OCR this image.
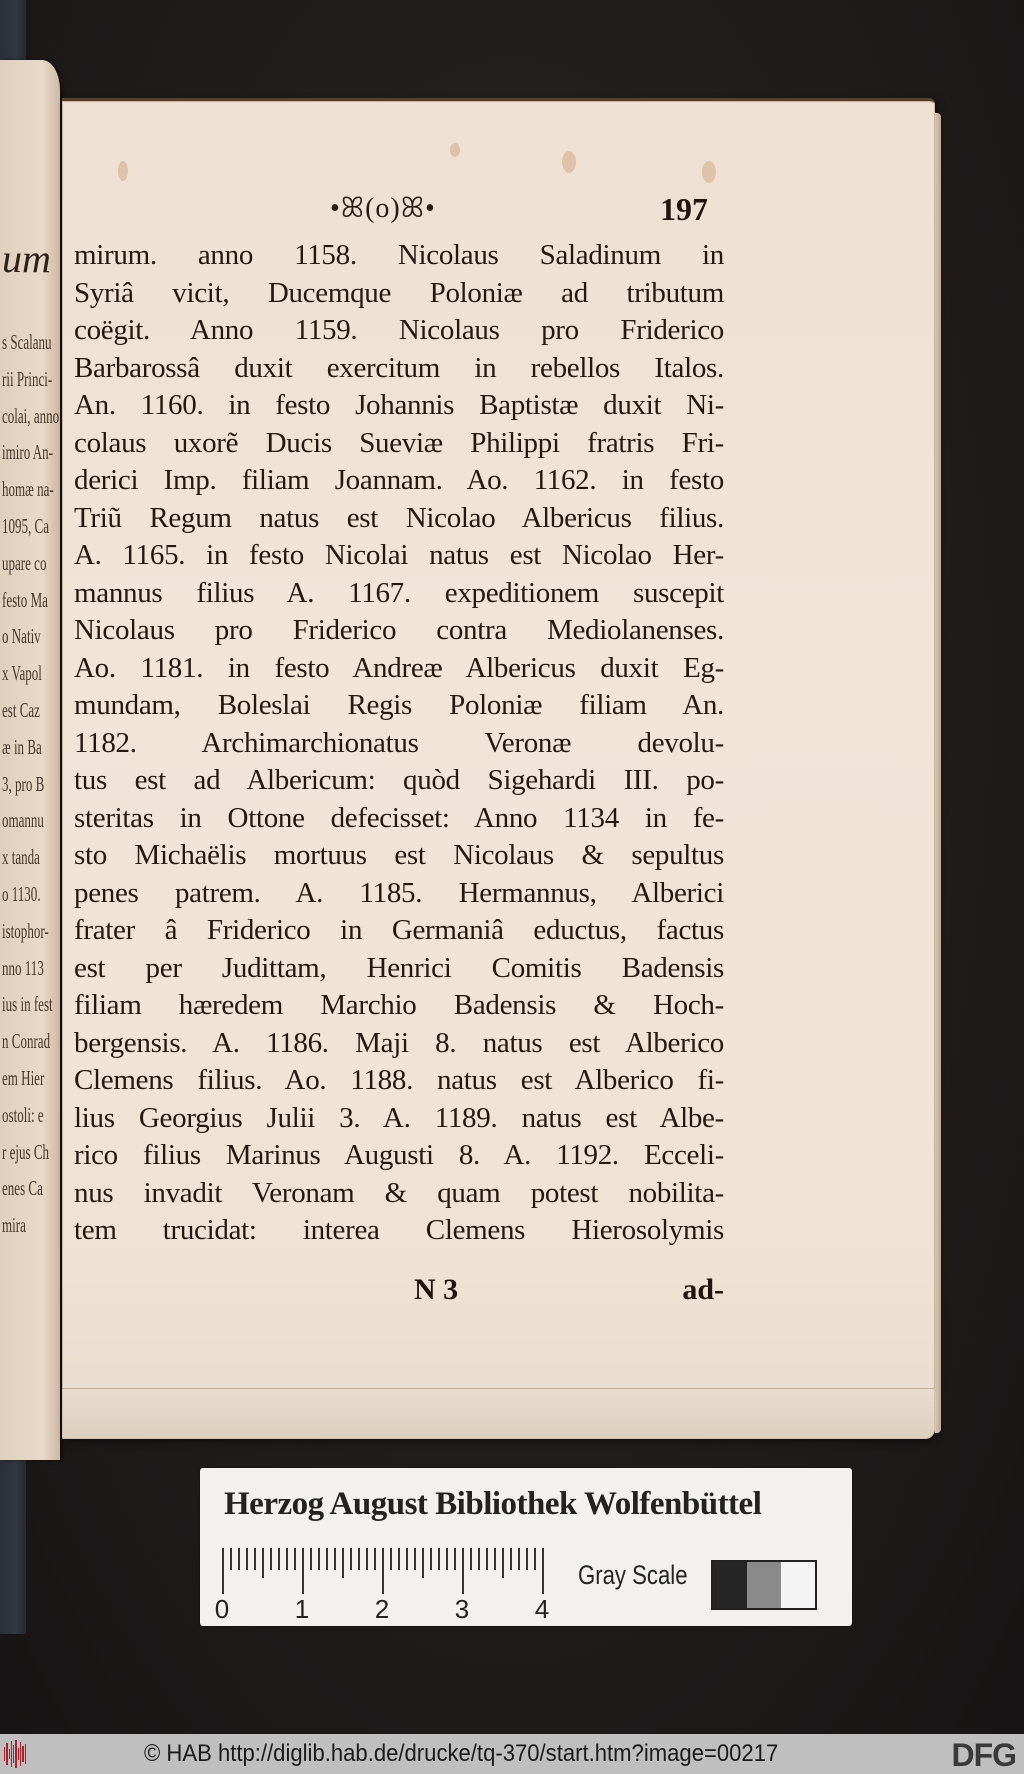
um
s Scalanu
rii Princi-
colai, anno
imiro An-
homæ na-
1095, Ca
upare co
festo Ma
o Nativ
x Vapol
est Caz
æ in Ba
3, pro B
omannu
x tanda
o 1130.
istophor-
nno 113
ius in fest
n Conrad
em Hier
ostoli: e
r ejus Ch
enes Ca
mira
•ꕤ(o)ꕤ•	197
mirum. anno 1158. Nicolaus Saladinum in
Syriâ vicit, Ducemque Poloniæ ad tributum
coëgit. Anno 1159. Nicolaus pro Friderico
Barbarossâ duxit exercitum in rebellos Italos.
An. 1160. in festo Johannis Baptistæ duxit Ni-
colaus uxorẽ Ducis Sueviæ Philippi fratris Fri-
derici Imp. filiam Joannam. Ao. 1162. in festo
Triũ Regum natus est Nicolao Albericus filius.
A. 1165. in festo Nicolai natus est Nicolao Her-
mannus filius A. 1167. expeditionem suscepit
Nicolaus pro Friderico contra Mediolanenses.
Ao. 1181. in festo Andreæ Albericus duxit Eg-
mundam, Boleslai Regis Poloniæ filiam An.
1182. Archimarchionatus Veronæ devolu-
tus est ad Albericum: quòd Sigehardi III. po-
steritas in Ottone defecisset: Anno 1134 in fe-
sto Michaëlis mortuus est Nicolaus & sepultus
penes patrem. A. 1185. Hermannus, Alberici
frater â Friderico in Germaniâ eductus, factus
est per Judittam, Henrici Comitis Badensis
filiam hæredem Marchio Badensis & Hoch-
bergensis. A. 1186. Maji 8. natus est Alberico
Clemens filius. Ao. 1188. natus est Alberico fi-
lius Georgius Julii 3. A. 1189. natus est Albe-
rico filius Marinus Augusti 8. A. 1192. Ecceli-
nus invadit Veronam & quam potest nobilita-
tem trucidat: interea Clemens Hierosolymis
N 3	ad-
Herzog August Bibliothek Wolfenbüttel
0	1	2	3	4
Gray Scale
© HAB http://diglib.hab.de/drucke/tq-370/start.htm?image=00217	DFG
